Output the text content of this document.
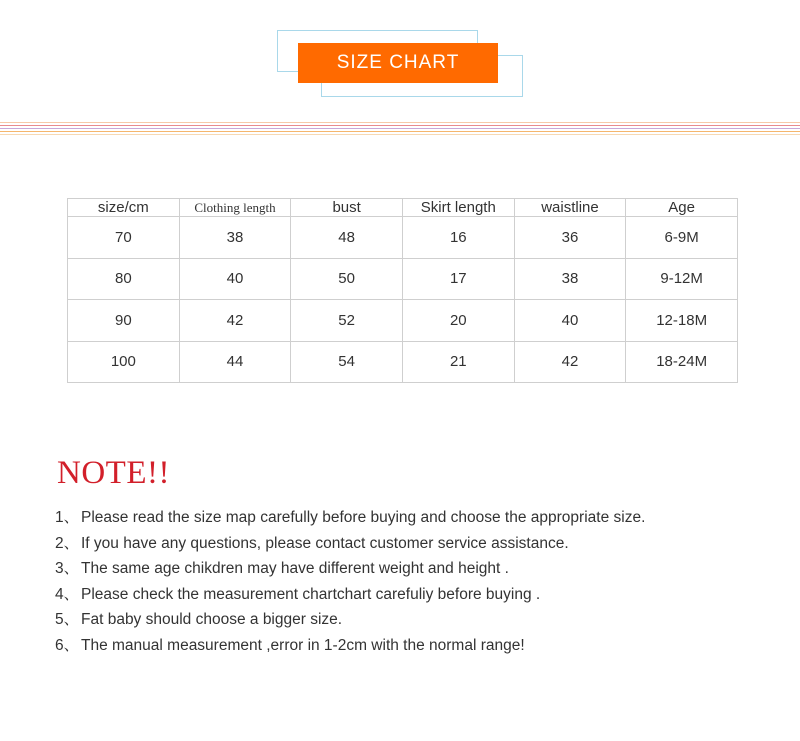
SIZE CHART
size/cm	Clothing length	bust	Skirt length	waistline	Age
70	38	48	16	36	6-9M
80	40	50	17	38	9-12M
90	42	52	20	40	12-18M
100	44	54	21	42	18-24M
NOTE!!
1、 Please read the size map carefully before buying and choose the appropriate size.
2、 If you have any questions, please contact customer service assistance.
3、 The same age chikdren may have different weight and height .
4、 Please check the measurement chartchart carefuliy before buying .
5、 Fat baby should choose a bigger size.
6、 The manual measurement ,error in 1-2cm with the normal range!
